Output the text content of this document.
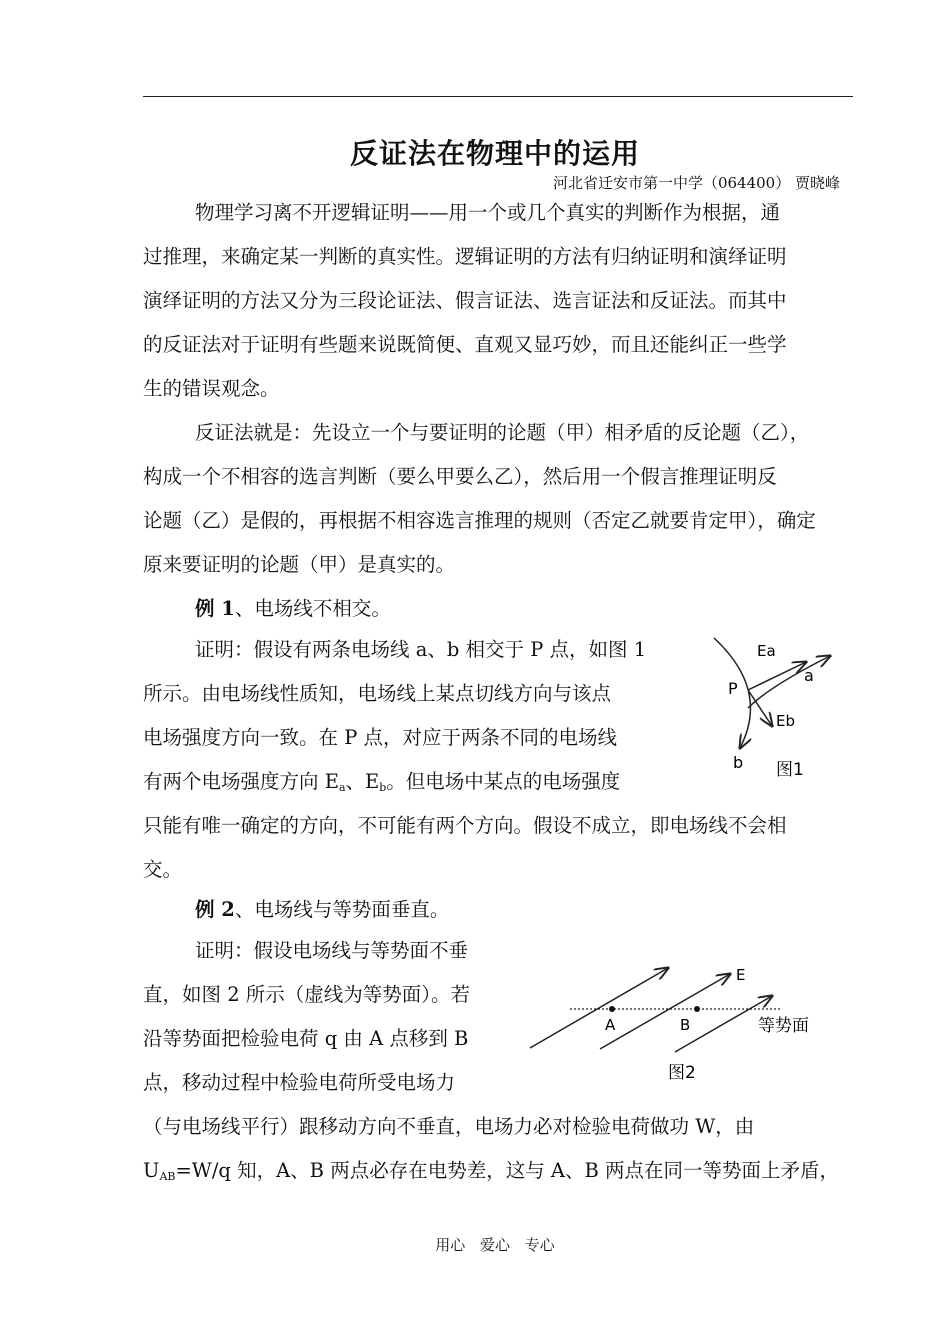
反证法在物理中的运用

河北省迁安市第一中学（064400） 贾晓峰

物理学习离不开逻辑证明——用一个或几个真实的判断作为根据，通

过推理，来确定某一判断的真实性。逻辑证明的方法有归纳证明和演绎证明

演绎证明的方法又分为三段论证法、假言证法、选言证法和反证法。而其中

的反证法对于证明有些题来说既简便、直观又显巧妙，而且还能纠正一些学

生的错误观念。

反证法就是：先设立一个与要证明的论题（甲）相矛盾的反论题（乙），

构成一个不相容的选言判断（要么甲要么乙），然后用一个假言推理证明反

论题（乙）是假的，再根据不相容选言推理的规则（否定乙就要肯定甲），确定

原来要证明的论题（甲）是真实的。

例 1、电场线不相交。

证明：假设有两条电场线 a、b 相交于 P 点，如图 1

所示。由电场线性质知，电场线上某点切线方向与该点

电场强度方向一致。在 P 点，对应于两条不同的电场线

有两个电场强度方向 $E_a$、$E_b$。但电场中某点的电场强度

只能有唯一确定的方向，不可能有两个方向。假设不成立，即电场线不会相

交。

P
Ea
Eb
a
b 图1

例 2、电场线与等势面垂直。

证明：假设电场线与等势面不垂

直，如图 2 所示（虚线为等势面）。若

沿等势面把检验电荷 q 由 A 点移到 B

点，移动过程中检验电荷所受电场力

（与电场线平行）跟移动方向不垂直，电场力必对检验电荷做功 W，由

$U_{AB}=W/q$ 知，A、B 两点必存在电势差，这与 A、B 两点在同一等势面上矛盾，

A	B
E
等势面
图2
用心 爱心 专心
